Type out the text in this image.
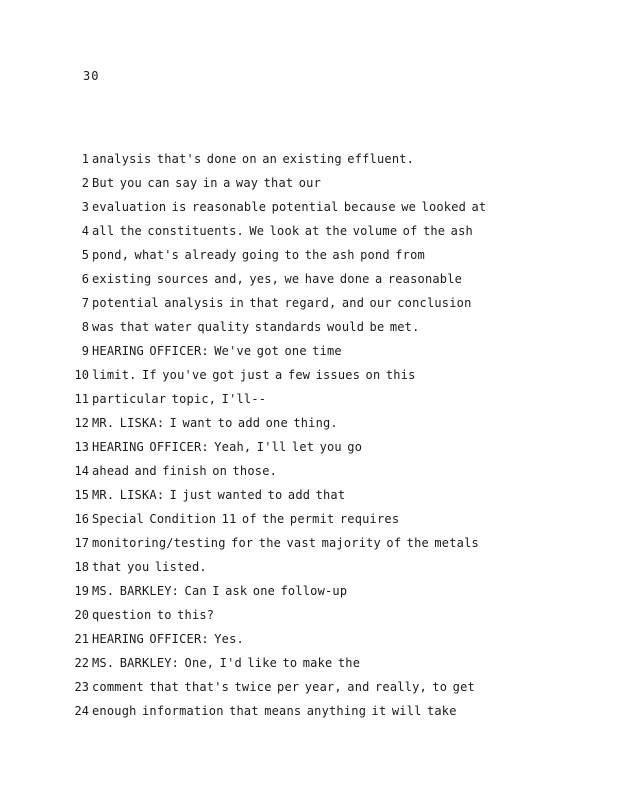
30
1 analysis that's done on an existing effluent.
2 But you can say in a way that our
3 evaluation is reasonable potential because we looked at
4 all the constituents. We look at the volume of the ash
5 pond, what's already going to the ash pond from
6 existing sources and, yes, we have done a reasonable
7 potential analysis in that regard, and our conclusion
8 was that water quality standards would be met.
9 HEARING OFFICER: We've got one time
10 limit. If you've got just a few issues on this
11 particular topic, I'll--
12 MR. LISKA: I want to add one thing.
13 HEARING OFFICER: Yeah, I'll let you go
14 ahead and finish on those.
15 MR. LISKA: I just wanted to add that
16 Special Condition 11 of the permit requires
17 monitoring/testing for the vast majority of the metals
18 that you listed.
19 MS. BARKLEY: Can I ask one follow-up
20 question to this?
21 HEARING OFFICER: Yes.
22 MS. BARKLEY: One, I'd like to make the
23 comment that that's twice per year, and really, to get
24 enough information that means anything it will take
